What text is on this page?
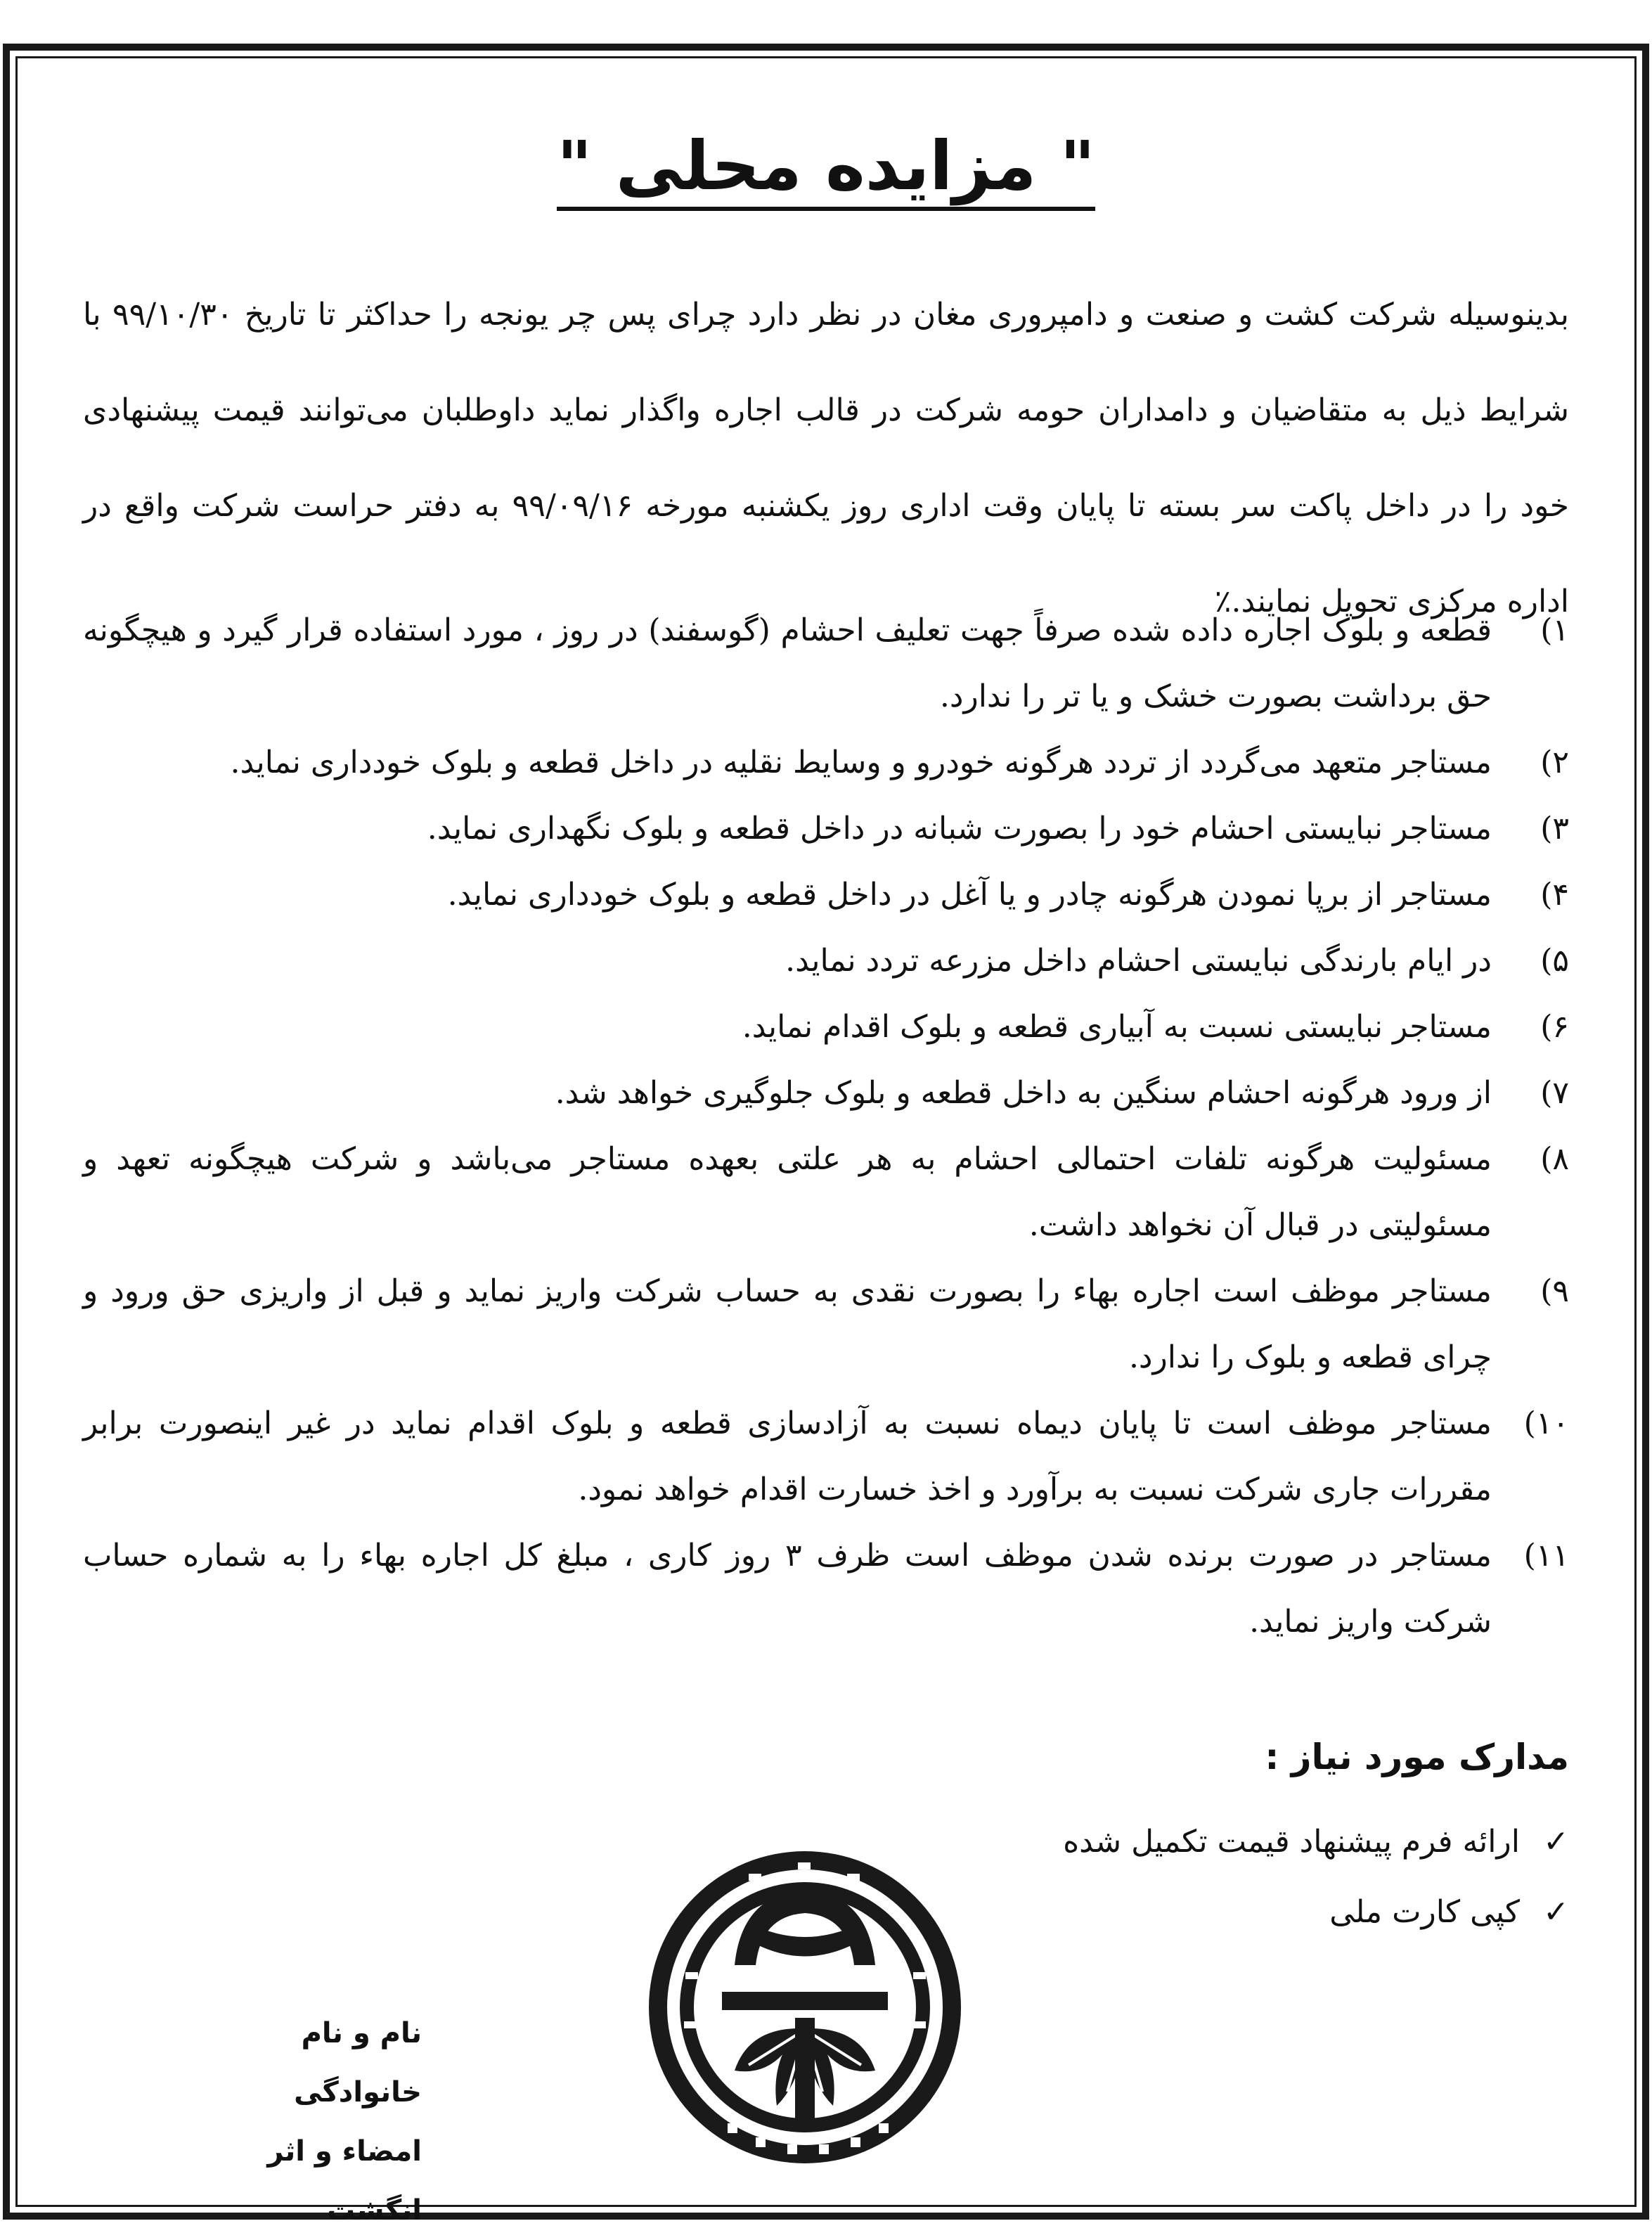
" مزایده محلی "
بدینوسیله شرکت کشت و صنعت و دامپروری مغان در نظر دارد چرای پس چر یونجه را حداکثر تا تاریخ ۹۹/۱۰/۳۰ با شرایط ذیل به متقاضیان و دامداران حومه شرکت در قالب اجاره واگذار نماید داوطلبان می‌توانند قیمت پیشنهادی خود را در داخل پاکت سر بسته تا پایان وقت اداری روز یکشنبه مورخه ۹۹/۰۹/۱۶ به دفتر حراست شرکت واقع در اداره مرکزی تحویل نمایند.٪
۱)
قطعه و بلوک اجاره داده شده صرفاً جهت تعلیف احشام (گوسفند) در روز ، مورد استفاده قرار گیرد و هیچگونه حق برداشت بصورت خشک و یا تر را ندارد.
۲)
مستاجر متعهد می‌گردد از تردد هرگونه خودرو و وسایط نقلیه در داخل قطعه و بلوک خودداری نماید.
۳)
مستاجر نبایستی احشام خود را بصورت شبانه در داخل قطعه و بلوک نگهداری نماید.
۴)
مستاجر از برپا نمودن هرگونه چادر و یا آغل در داخل قطعه و بلوک خودداری نماید.
۵)
در ایام بارندگی نبایستی احشام داخل مزرعه تردد نماید.
۶)
مستاجر نبایستی نسبت به آبیاری قطعه و بلوک اقدام نماید.
۷)
از ورود هرگونه احشام سنگین به داخل قطعه و بلوک جلوگیری خواهد شد.
۸)
مسئولیت هرگونه تلفات احتمالی احشام به هر علتی بعهده مستاجر می‌باشد و شرکت هیچگونه تعهد و مسئولیتی در قبال آن نخواهد داشت.
۹)
مستاجر موظف است اجاره بهاء را بصورت نقدی به حساب شرکت واریز نماید و قبل از واریزی حق ورود و چرای قطعه و بلوک را ندارد.
۱۰)
مستاجر موظف است تا پایان دیماه نسبت به آزادسازی قطعه و بلوک اقدام نماید در غیر اینصورت برابر مقررات جاری شرکت نسبت به برآورد و اخذ خسارت اقدام خواهد نمود.
۱۱)
مستاجر در صورت برنده شدن موظف است ظرف ۳ روز کاری ، مبلغ کل اجاره بهاء را به شماره حساب شرکت واریز نماید.
مدارک مورد نیاز :
✓
ارائه فرم پیشنهاد قیمت تکمیل شده
✓
کپی کارت ملی
نام و نام خانوادگی
امضاء و اثر انگشت
